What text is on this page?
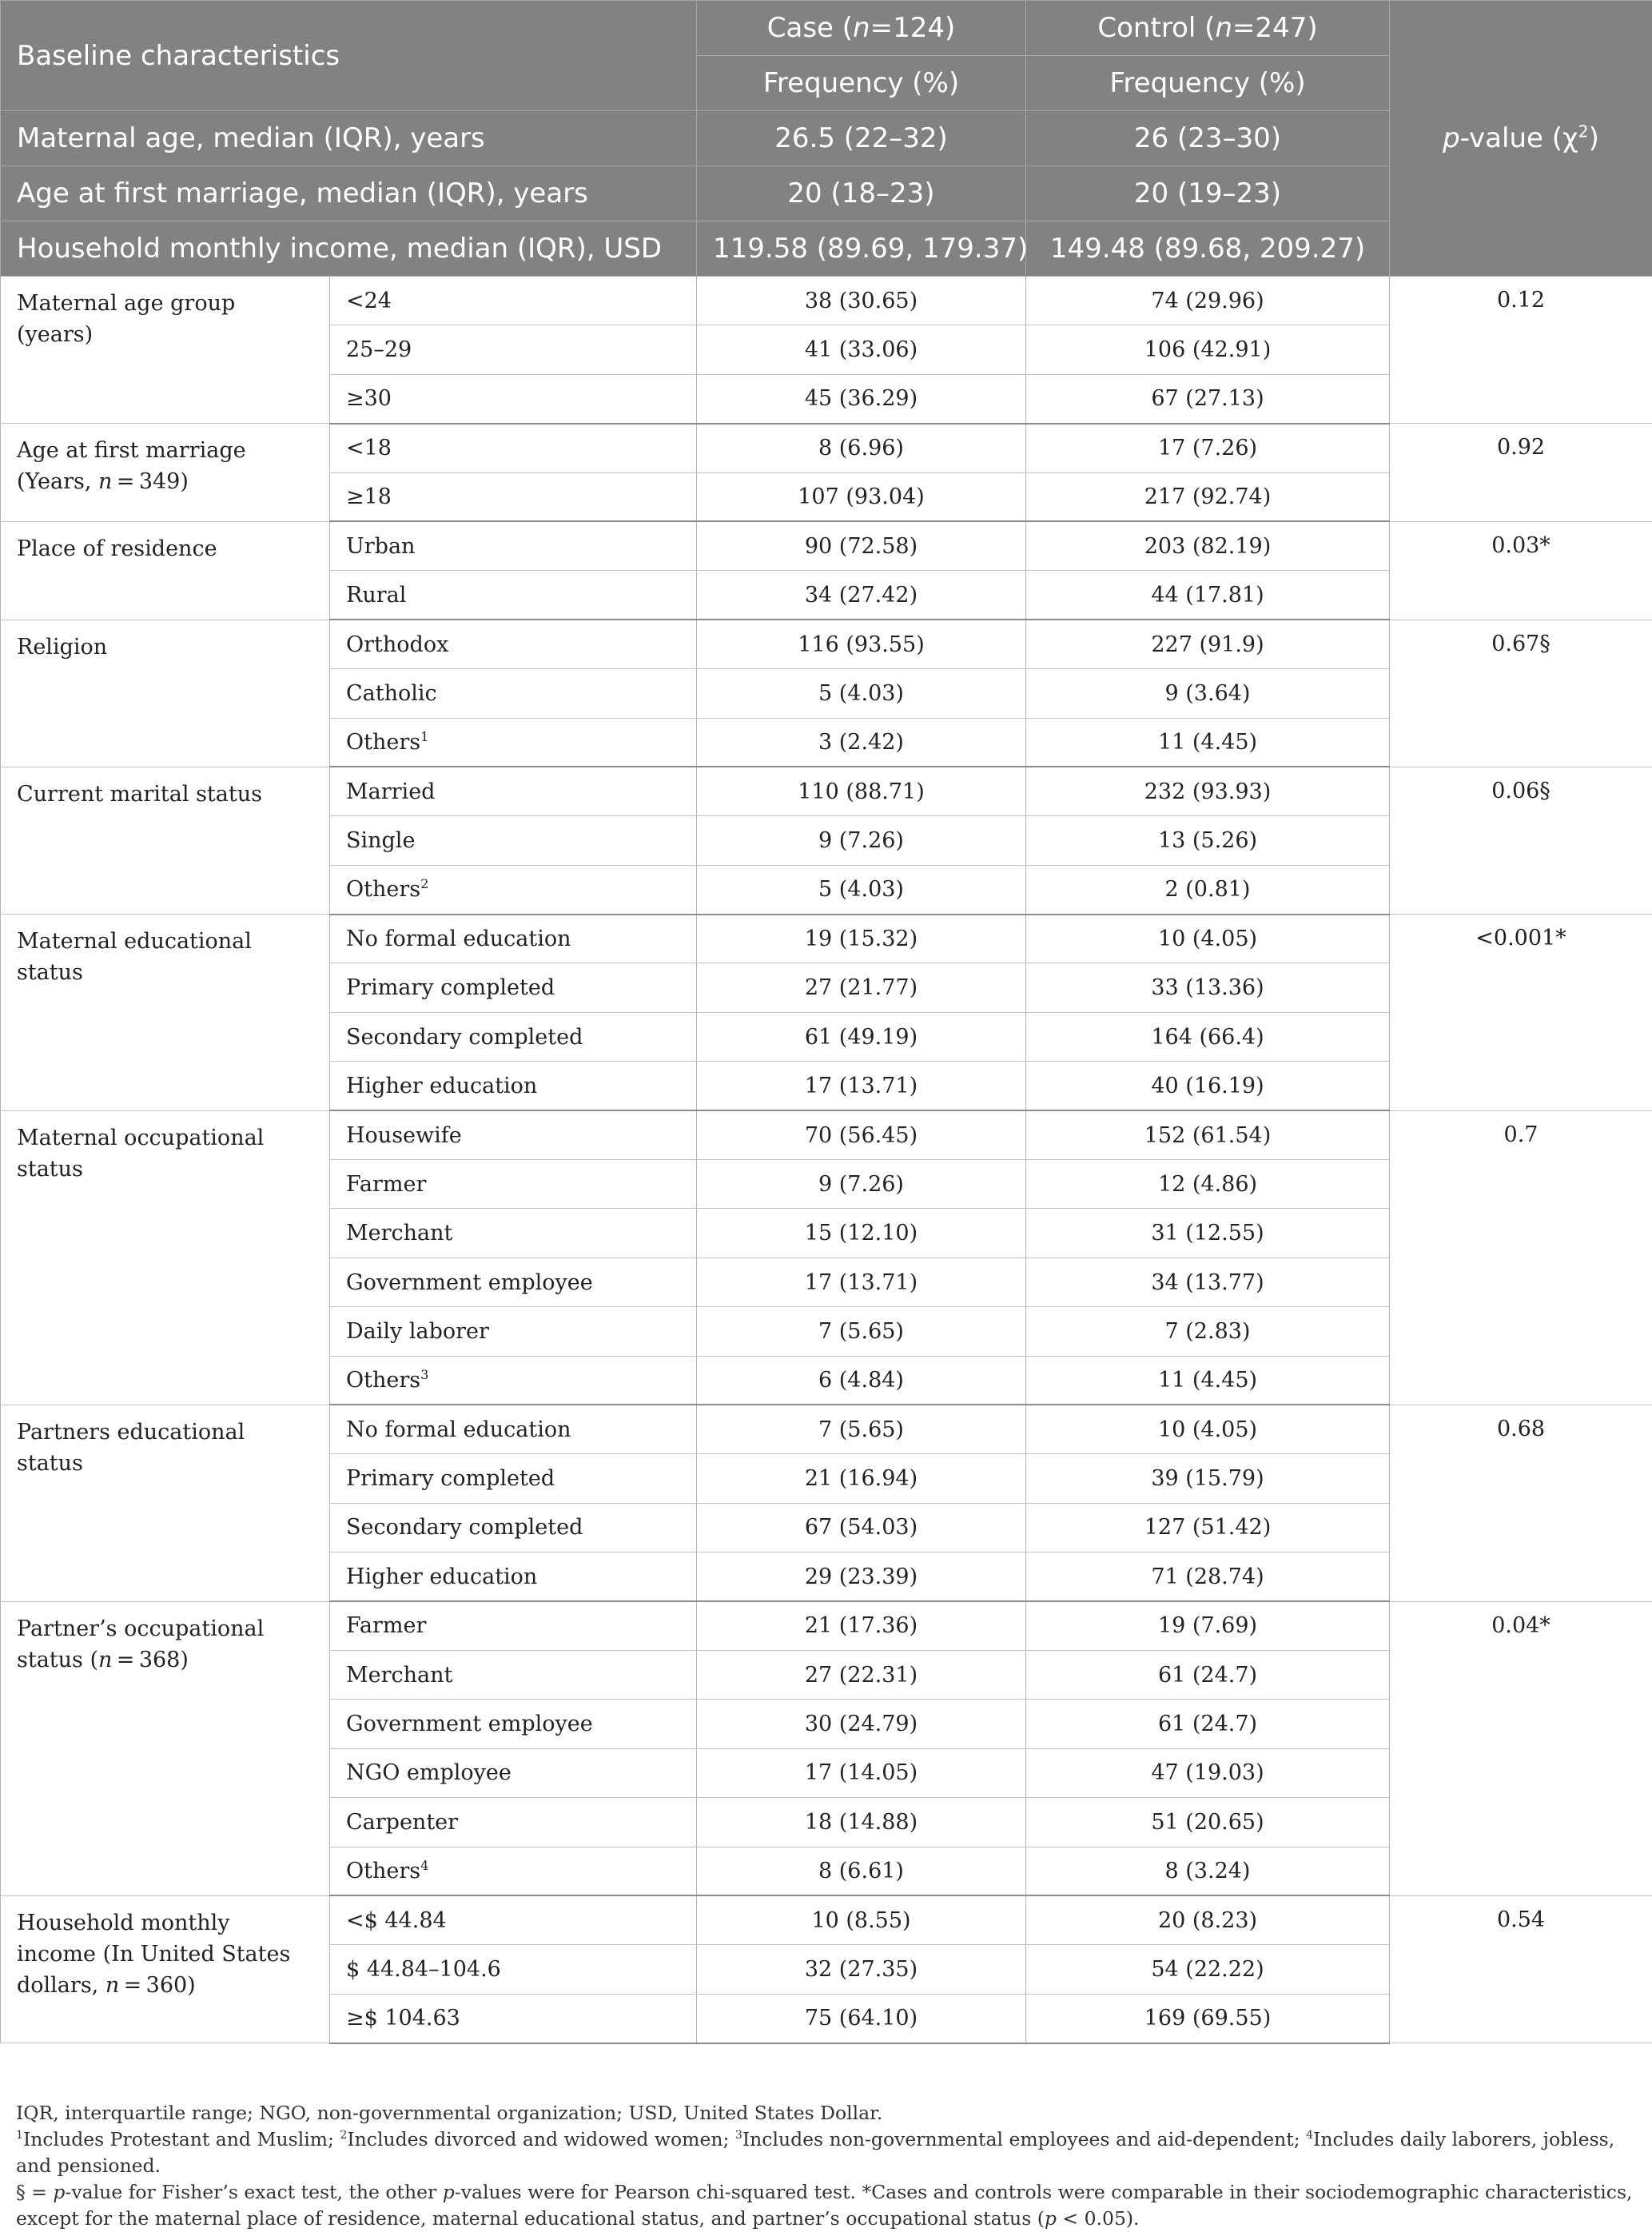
Baseline characteristics		Case (n=124)	Control (n=247)	p-value $(\chi^2)$
		Frequency (%)	Frequency (%)	
Maternal age, median (IQR), years		26.5 (22–32)	26 (23–30)	
Age at first marriage, median (IQR), years		20 (18–23)	20 (19–23)	
Household monthly income, median (IQR), USD		119.58 (89.69, 179.37)	149.48 (89.68, 209.27)	
Maternal age group (years)	<24	38 (30.65)	74 (29.96)	0.12
	25–29	41 (33.06)	106 (42.91)	
	≥30	45 (36.29)	67 (27.13)	
Age at first marriage (Years, n = 349)	<18	8 (6.96)	17 (7.26)	0.92
	≥18	107 (93.04)	217 (92.74)	
Place of residence	Urban	90 (72.58)	203 (82.19)	0.03*
	Rural	34 (27.42)	44 (17.81)	
Religion	Orthodox	116 (93.55)	227 (91.9)	0.67§
	Catholic	5 (4.03)	9 (3.64)	
	Others$^1$	3 (2.42)	11 (4.45)	
Current marital status	Married	110 (88.71)	232 (93.93)	0.06§
	Single	9 (7.26)	13 (5.26)	
	Others$^2$	5 (4.03)	2 (0.81)	
Maternal educational status	No formal education	19 (15.32)	10 (4.05)	<0.001*
	Primary completed	27 (21.77)	33 (13.36)	
	Secondary completed	61 (49.19)	164 (66.4)	
	Higher education	17 (13.71)	40 (16.19)	
Maternal occupational status	Housewife	70 (56.45)	152 (61.54)	0.7
	Farmer	9 (7.26)	12 (4.86)	
	Merchant	15 (12.10)	31 (12.55)	
	Government employee	17 (13.71)	34 (13.77)	
	Daily laborer	7 (5.65)	7 (2.83)	
	Others$^3$	6 (4.84)	11 (4.45)	
Partners educational status	No formal education	7 (5.65)	10 (4.05)	0.68
	Primary completed	21 (16.94)	39 (15.79)	
	Secondary completed	67 (54.03)	127 (51.42)	
	Higher education	29 (23.39)	71 (28.74)	
Partner’s occupational status (n = 368)	Farmer	21 (17.36)	19 (7.69)	0.04*
	Merchant	27 (22.31)	61 (24.7)	
	Government employee	30 (24.79)	61 (24.7)	
	NGO employee	17 (14.05)	47 (19.03)	
	Carpenter	18 (14.88)	51 (20.65)	
	Others$^4$	8 (6.61)	8 (3.24)	
Household monthly income (In United States dollars, n = 360)	<$ 44.84	10 (8.55)	20 (8.23)	0.54
	$ 44.84–104.6	32 (27.35)	54 (22.22)	
	≥$ 104.63	75 (64.10)	169 (69.55)	

IQR, interquartile range; NGO, non-governmental organization; USD, United States Dollar.

$^1$Includes Protestant and Muslim; $^2$Includes divorced and widowed women; $^3$Includes non-governmental employees and aid-dependent; $^4$Includes daily laborers, jobless, and pensioned.

§ = p-value for Fisher’s exact test, the other p-values were for Pearson chi-squared test. *Cases and controls were comparable in their sociodemographic characteristics, except for the maternal place of residence, maternal educational status, and partner’s occupational status (p < 0.05).
